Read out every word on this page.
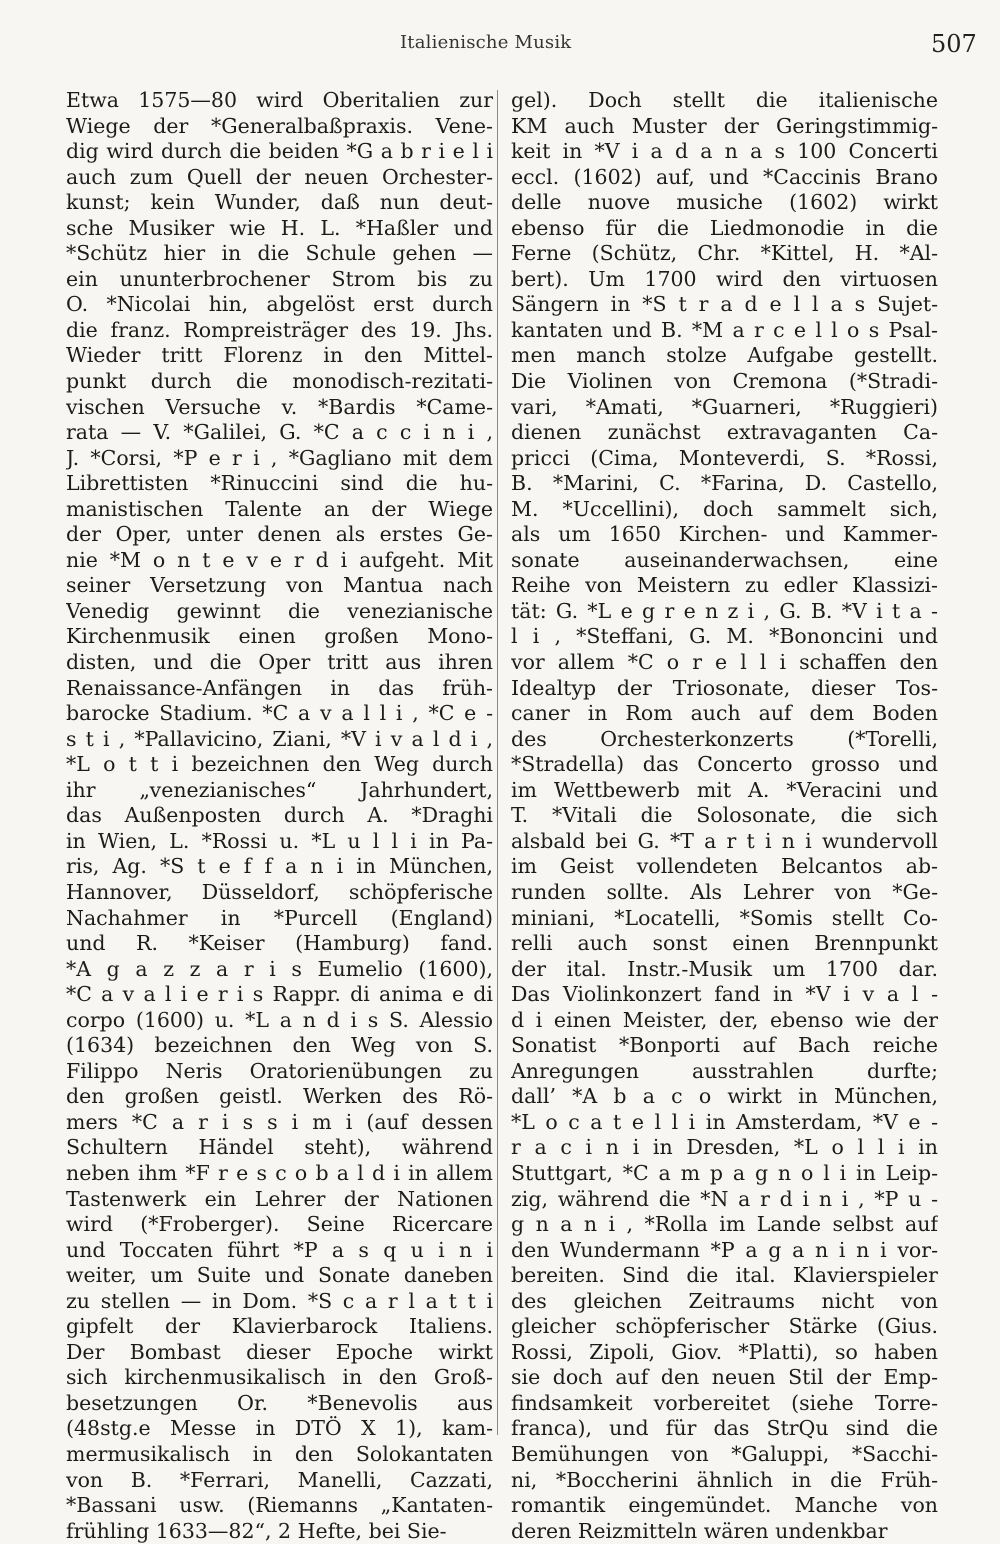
Italienische Musik	507
Etwa 1575—80 wird Oberitalien zur
Wiege der *Generalbaßpraxis. Vene-
dig wird durch die beiden *G a b r i e l i
auch zum Quell der neuen Orchester-
kunst; kein Wunder, daß nun deut-
sche Musiker wie H. L. *Haßler und
*Schütz hier in die Schule gehen —
ein ununterbrochener Strom bis zu
O. *Nicolai hin, abgelöst erst durch
die franz. Rompreisträger des 19. Jhs.
Wieder tritt Florenz in den Mittel-
punkt durch die monodisch-rezitati-
vischen Versuche v. *Bardis *Came-
rata — V. *Galilei, G. *C a c c i n i ,
J. *Corsi, *P e r i , *Gagliano mit dem
Librettisten *Rinuccini sind die hu-
manistischen Talente an der Wiege
der Oper, unter denen als erstes Ge-
nie *M o n t e v e r d i aufgeht. Mit
seiner Versetzung von Mantua nach
Venedig gewinnt die venezianische
Kirchenmusik einen großen Mono-
disten, und die Oper tritt aus ihren
Renaissance-Anfängen in das früh-
barocke Stadium. *C a v a l l i , *C e -
s t i , *Pallavicino, Ziani, *V i v a l d i ,
*L o t t i bezeichnen den Weg durch
ihr „venezianisches“ Jahrhundert,
das Außenposten durch A. *Draghi
in Wien, L. *Rossi u. *L u l l i in Pa-
ris, Ag. *S t e f f a n i in München,
Hannover, Düsseldorf, schöpferische
Nachahmer in *Purcell (England)
und R. *Keiser (Hamburg) fand.
*A g a z z a r i s Eumelio (1600),
*C a v a l i e r i s Rappr. di anima e di
corpo (1600) u. *L a n d i s S. Alessio
(1634) bezeichnen den Weg von S.
Filippo Neris Oratorienübungen zu
den großen geistl. Werken des Rö-
mers *C a r i s s i m i (auf dessen
Schultern Händel steht), während
neben ihm *F r e s c o b a l d i in allem
Tastenwerk ein Lehrer der Nationen
wird (*Froberger). Seine Ricercare
und Toccaten führt *P a s q u i n i
weiter, um Suite und Sonate daneben
zu stellen — in Dom. *S c a r l a t t i
gipfelt der Klavierbarock Italiens.
Der Bombast dieser Epoche wirkt
sich kirchenmusikalisch in den Groß-
besetzungen Or. *Benevolis aus
(48stg.e Messe in DTÖ X 1), kam-
mermusikalisch in den Solokantaten
von B. *Ferrari, Manelli, Cazzati,
*Bassani usw. (Riemanns „Kantaten-
frühling 1633—82“, 2 Hefte, bei Sie-
gel). Doch stellt die italienische
KM auch Muster der Geringstimmig-
keit in *V i a d a n a s 100 Concerti
eccl. (1602) auf, und *Caccinis Brano
delle nuove musiche (1602) wirkt
ebenso für die Liedmonodie in die
Ferne (Schütz, Chr. *Kittel, H. *Al-
bert). Um 1700 wird den virtuosen
Sängern in *S t r a d e l l a s Sujet-
kantaten und B. *M a r c e l l o s Psal-
men manch stolze Aufgabe gestellt.
Die Violinen von Cremona (*Stradi-
vari, *Amati, *Guarneri, *Ruggieri)
dienen zunächst extravaganten Ca-
pricci (Cima, Monteverdi, S. *Rossi,
B. *Marini, C. *Farina, D. Castello,
M. *Uccellini), doch sammelt sich,
als um 1650 Kirchen- und Kammer-
sonate auseinanderwachsen, eine
Reihe von Meistern zu edler Klassizi-
tät: G. *L e g r e n z i , G. B. *V i t a -
l i , *Steffani, G. M. *Bononcini und
vor allem *C o r e l l i schaffen den
Idealtyp der Triosonate, dieser Tos-
caner in Rom auch auf dem Boden
des Orchesterkonzerts (*Torelli,
*Stradella) das Concerto grosso und
im Wettbewerb mit A. *Veracini und
T. *Vitali die Solosonate, die sich
alsbald bei G. *T a r t i n i wundervoll
im Geist vollendeten Belcantos ab-
runden sollte. Als Lehrer von *Ge-
miniani, *Locatelli, *Somis stellt Co-
relli auch sonst einen Brennpunkt
der ital. Instr.-Musik um 1700 dar.
Das Violinkonzert fand in *V i v a l -
d i einen Meister, der, ebenso wie der
Sonatist *Bonporti auf Bach reiche
Anregungen ausstrahlen durfte;
dall’ *A b a c o wirkt in München,
*L o c a t e l l i in Amsterdam, *V e -
r a c i n i in Dresden, *L o l l i in
Stuttgart, *C a m p a g n o l i in Leip-
zig, während die *N a r d i n i , *P u -
g n a n i , *Rolla im Lande selbst auf
den Wundermann *P a g a n i n i vor-
bereiten. Sind die ital. Klavierspieler
des gleichen Zeitraums nicht von
gleicher schöpferischer Stärke (Gius.
Rossi, Zipoli, Giov. *Platti), so haben
sie doch auf den neuen Stil der Emp-
findsamkeit vorbereitet (siehe Torre-
franca), und für das StrQu sind die
Bemühungen von *Galuppi, *Sacchi-
ni, *Boccherini ähnlich in die Früh-
romantik eingemündet. Manche von
deren Reizmitteln wären undenkbar
